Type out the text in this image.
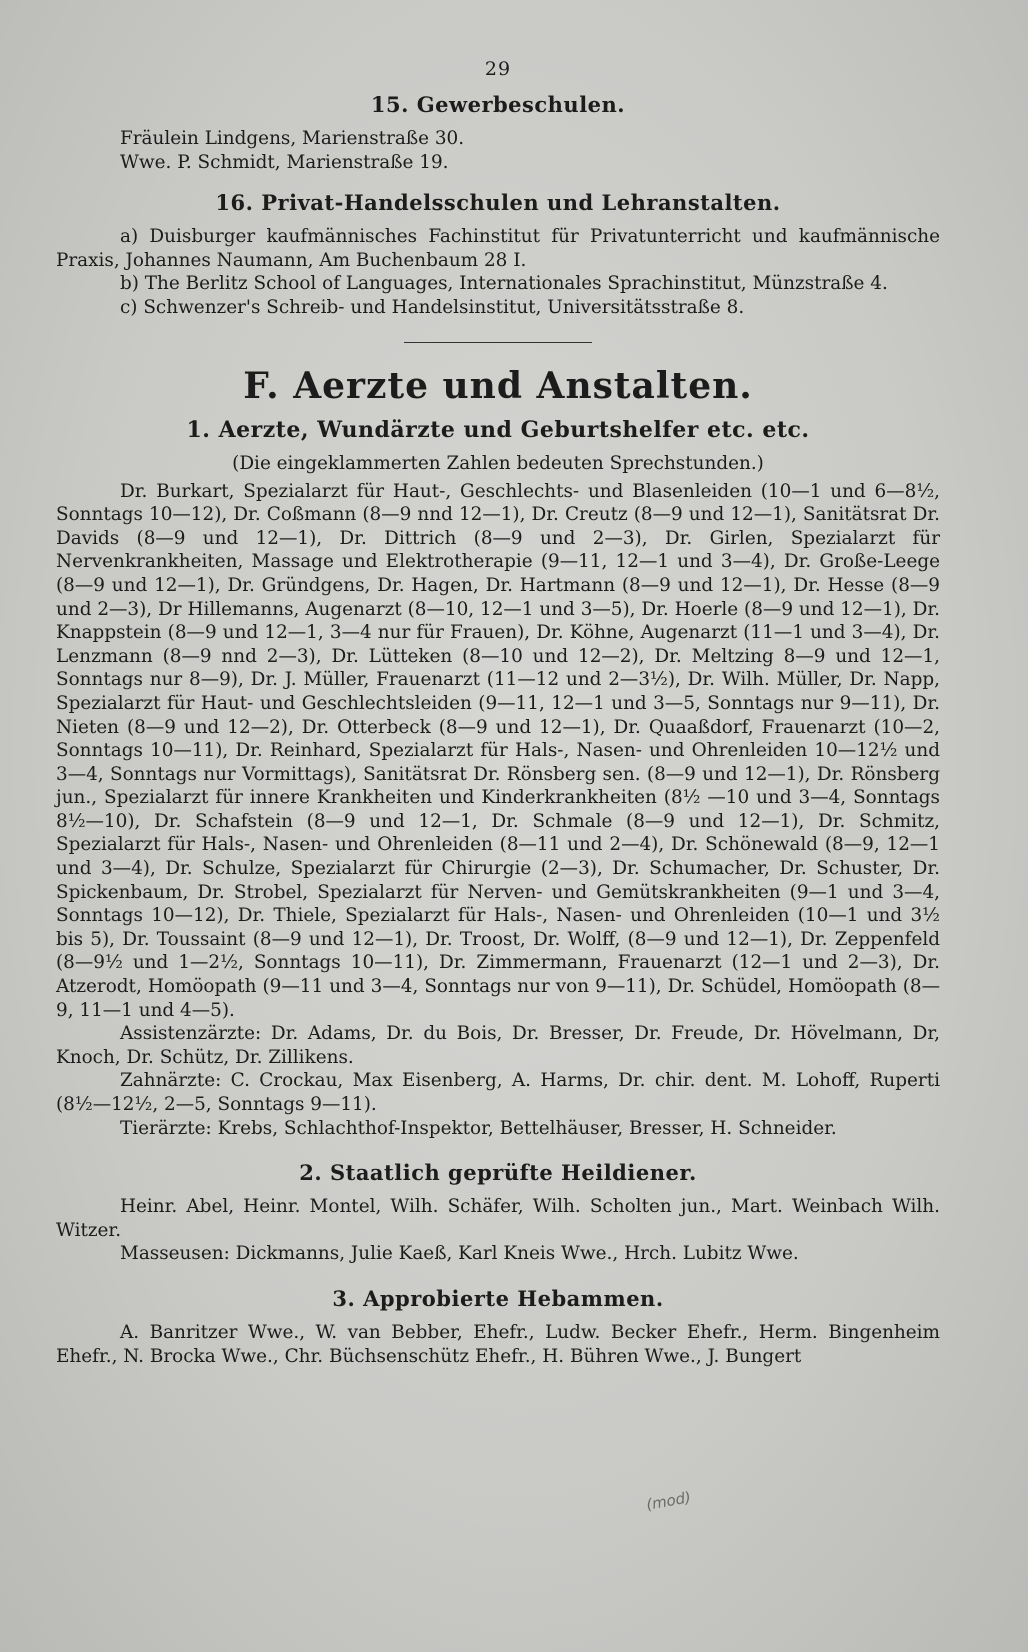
29
15. Gewerbeschulen.

Fräulein Lindgens, Marienstraße 30.

Wwe. P. Schmidt, Marienstraße 19.

16. Privat-Handelsschulen und Lehranstalten.

a) Duisburger kaufmännisches Fachinstitut für Privatunterricht und kaufmännische Praxis, Johannes Naumann, Am Buchenbaum 28 I.

b) The Berlitz School of Languages, Internationales Sprachinstitut, Münzstraße 4.

c) Schwenzer's Schreib- und Handelsinstitut, Universitätsstraße 8.

F. Aerzte und Anstalten.
1. Aerzte, Wundärzte und Geburtshelfer etc. etc.
(Die eingeklammerten Zahlen bedeuten Sprechstunden.)

Dr. Burkart, Spezialarzt für Haut-, Geschlechts- und Blasenleiden (10—1 und 6—8½, Sonntags 10—12), Dr. Coßmann (8—9 nnd 12—1), Dr. Creutz (8—9 und 12—1), Sanitätsrat Dr. Davids (8—9 und 12—1), Dr. Dittrich (8—9 und 2—3), Dr. Girlen, Spezialarzt für Nervenkrankheiten, Massage und Elektrotherapie (9—11, 12—1 und 3—4), Dr. Große-Leege (8—9 und 12—1), Dr. Gründgens, Dr. Hagen, Dr. Hartmann (8—9 und 12—1), Dr. Hesse (8—9 und 2—3), Dr Hillemanns, Augenarzt (8—10, 12—1 und 3—5), Dr. Hoerle (8—9 und 12—1), Dr. Knappstein (8—9 und 12—1, 3—4 nur für Frauen), Dr. Köhne, Augenarzt (11—1 und 3—4), Dr. Lenzmann (8—9 nnd 2—3), Dr. Lütteken (8—10 und 12—2), Dr. Meltzing 8—9 und 12—1, Sonntags nur 8—9), Dr. J. Müller, Frauenarzt (11—12 und 2—3½), Dr. Wilh. Müller, Dr. Napp, Spezialarzt für Haut- und Geschlechtsleiden (9—11, 12—1 und 3—5, Sonntags nur 9—11), Dr. Nieten (8—9 und 12—2), Dr. Otterbeck (8—9 und 12—1), Dr. Quaaßdorf, Frauenarzt (10—2, Sonntags 10—11), Dr. Reinhard, Spezialarzt für Hals-, Nasen- und Ohrenleiden 10—12½ und 3—4, Sonntags nur Vormittags), Sanitätsrat Dr. Rönsberg sen. (8—9 und 12—1), Dr. Rönsberg jun., Spezialarzt für innere Krankheiten und Kinderkrankheiten (8½ —10 und 3—4, Sonntags 8½—10), Dr. Schafstein (8—9 und 12—1, Dr. Schmale (8—9 und 12—1), Dr. Schmitz, Spezialarzt für Hals-, Nasen- und Ohrenleiden (8—11 und 2—4), Dr. Schönewald (8—9, 12—1 und 3—4), Dr. Schulze, Spezialarzt für Chirurgie (2—3), Dr. Schumacher, Dr. Schuster, Dr. Spickenbaum, Dr. Strobel, Spezialarzt für Nerven- und Gemütskrankheiten (9—1 und 3—4, Sonntags 10—12), Dr. Thiele, Spezialarzt für Hals-, Nasen- und Ohrenleiden (10—1 und 3½ bis 5), Dr. Toussaint (8—9 und 12—1), Dr. Troost, Dr. Wolff, (8—9 und 12—1), Dr. Zeppenfeld (8—9½ und 1—2½, Sonntags 10—11), Dr. Zimmermann, Frauenarzt (12—1 und 2—3), Dr. Atzerodt, Homöopath (9—11 und 3—4, Sonntags nur von 9—11), Dr. Schüdel, Homöopath (8—9, 11—1 und 4—5).

Assistenzärzte: Dr. Adams, Dr. du Bois, Dr. Bresser, Dr. Freude, Dr. Hövelmann, Dr, Knoch, Dr. Schütz, Dr. Zillikens.

Zahnärzte: C. Crockau, Max Eisenberg, A. Harms, Dr. chir. dent. M. Lohoff, Ruperti (8½—12½, 2—5, Sonntags 9—11).

Tierärzte: Krebs, Schlachthof-Inspektor, Bettelhäuser, Bresser, H. Schneider.

2. Staatlich geprüfte Heildiener.

Heinr. Abel, Heinr. Montel, Wilh. Schäfer, Wilh. Scholten jun., Mart. Weinbach Wilh. Witzer.

Masseusen: Dickmanns, Julie Kaeß, Karl Kneis Wwe., Hrch. Lubitz Wwe.

3. Approbierte Hebammen.

A. Banritzer Wwe., W. van Bebber, Ehefr., Ludw. Becker Ehefr., Herm. Bingenheim Ehefr., N. Brocka Wwe., Chr. Büchsenschütz Ehefr., H. Bühren Wwe., J. Bungert

(mod)
